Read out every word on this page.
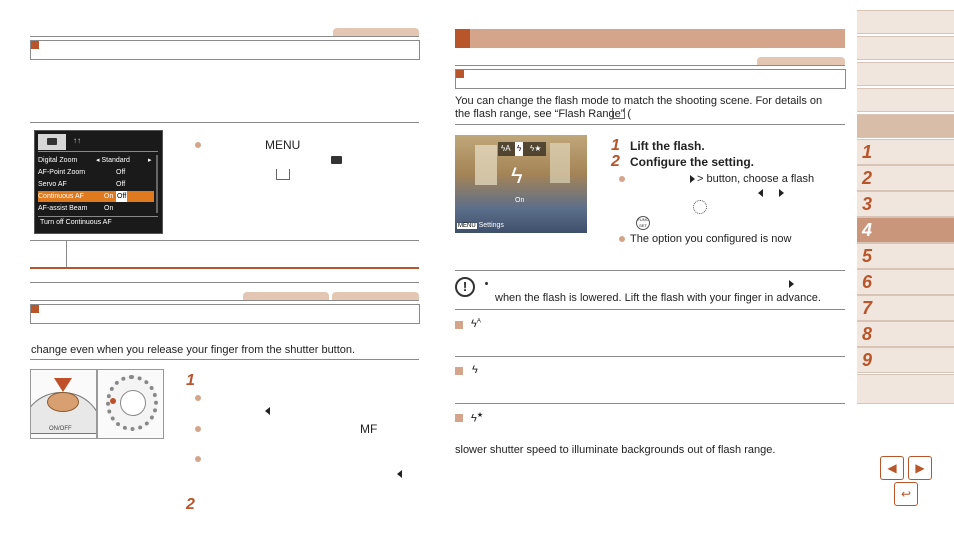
↑↑
Digital Zoom	◂ Standard	▸
AF-Point Zoom	Off
Servo AF	Off
Continuous AF	On Off
AF-assist Beam On
Turn off Continuous AF
MENU
change even when you release your finger from the shutter button.
ON/OFF
1
MF
2
You can change the flash mode to match the shooting scene. For details on
the flash range, see “Flash Range” (
ϟA ϟ ϟ★
ϟ
On
MENU Settings
1 Lift the flash.
2 Configure the setting.
> button, choose a flash
FUNC SET
The option you configured is now
!
when the flash is lowered. Lift the flash with your finger in advance.
$ϟ^A$
ϟ
ϟ★
slower shutter speed to illuminate backgrounds out of flash range.
1
2
3
4
5
6
7
8
9
◀	▶
↩
